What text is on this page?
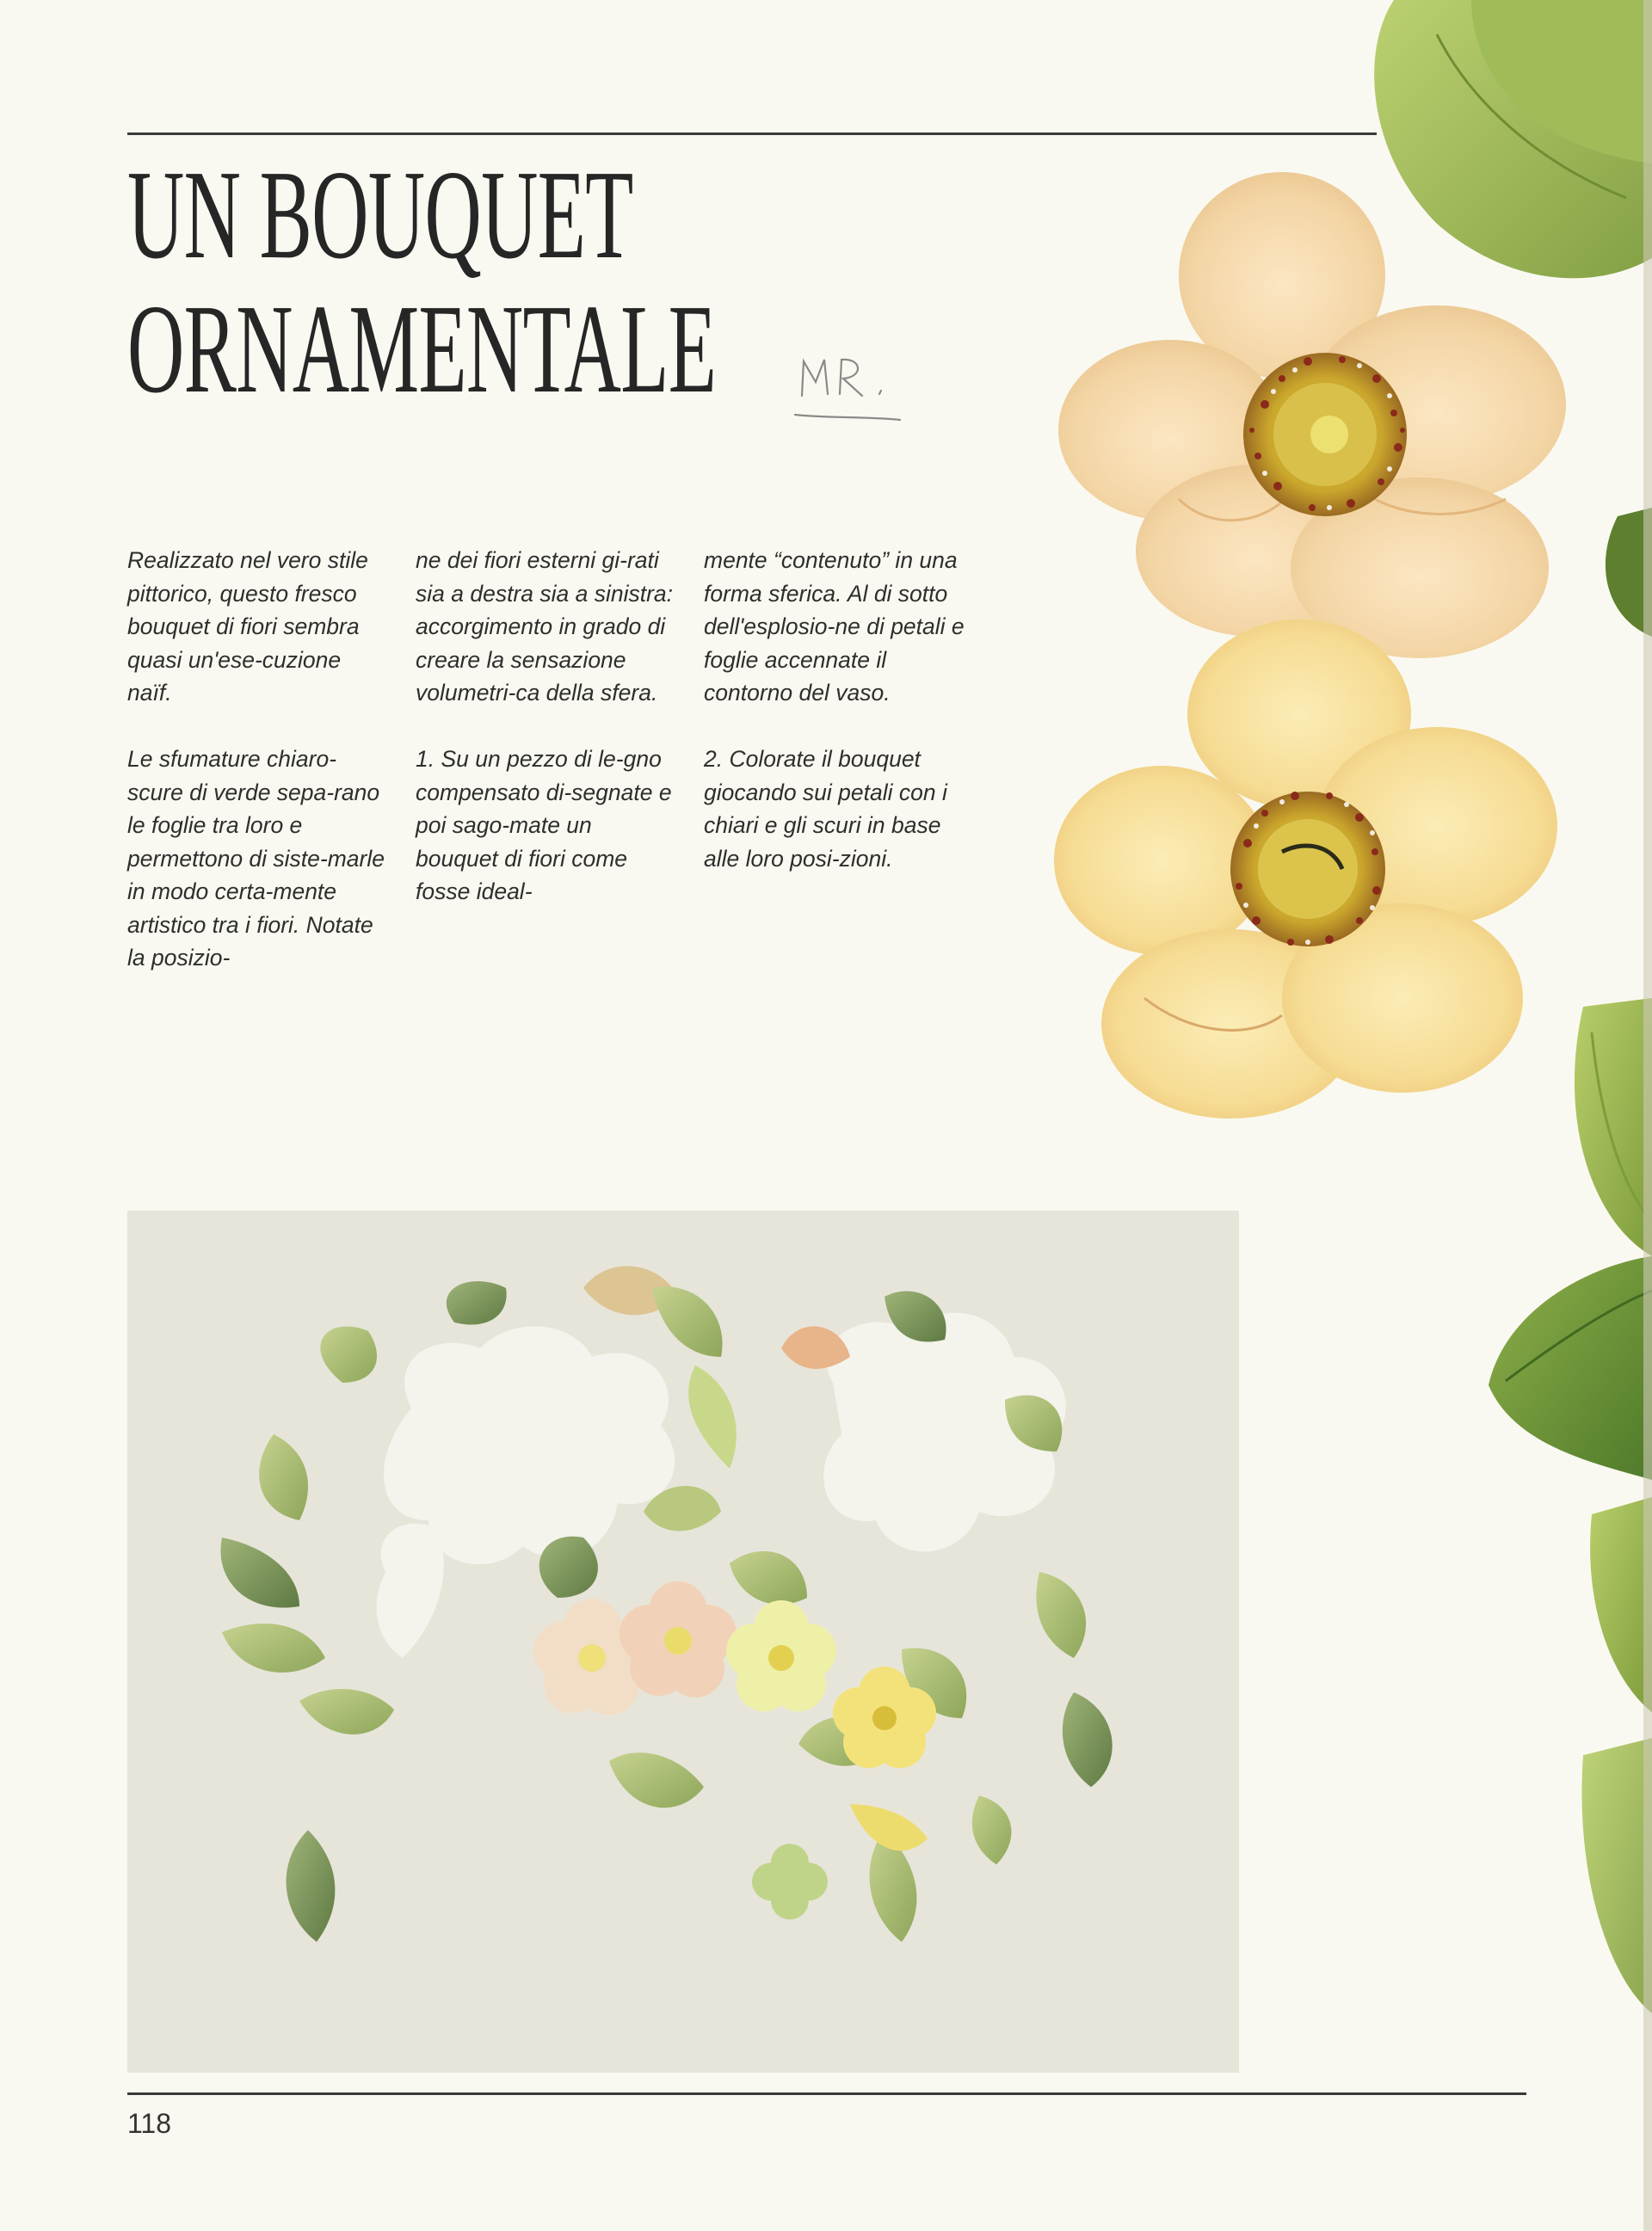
UN BOUQUET
ORNAMENTALE

Realizzato nel vero stile pittorico, questo fresco bouquet di fiori sembra quasi un'ese-cuzione naïf.

Le sfumature chiaro-scure di verde sepa-rano le foglie tra loro e permettono di siste-marle in modo certa-mente artistico tra i fiori. Notate la posizio-

ne dei fiori esterni gi-rati sia a destra sia a sinistra: accorgimento in grado di creare la sensazione volumetri-ca della sfera.

1. Su un pezzo di le-gno compensato di-segnate e poi sago-mate un bouquet di fiori come fosse ideal-

mente “contenuto” in una forma sferica. Al di sotto dell'esplosio-ne di petali e foglie accennate il contorno del vaso.

2. Colorate il bouquet giocando sui petali con i chiari e gli scuri in base alle loro posi-zioni.

118
